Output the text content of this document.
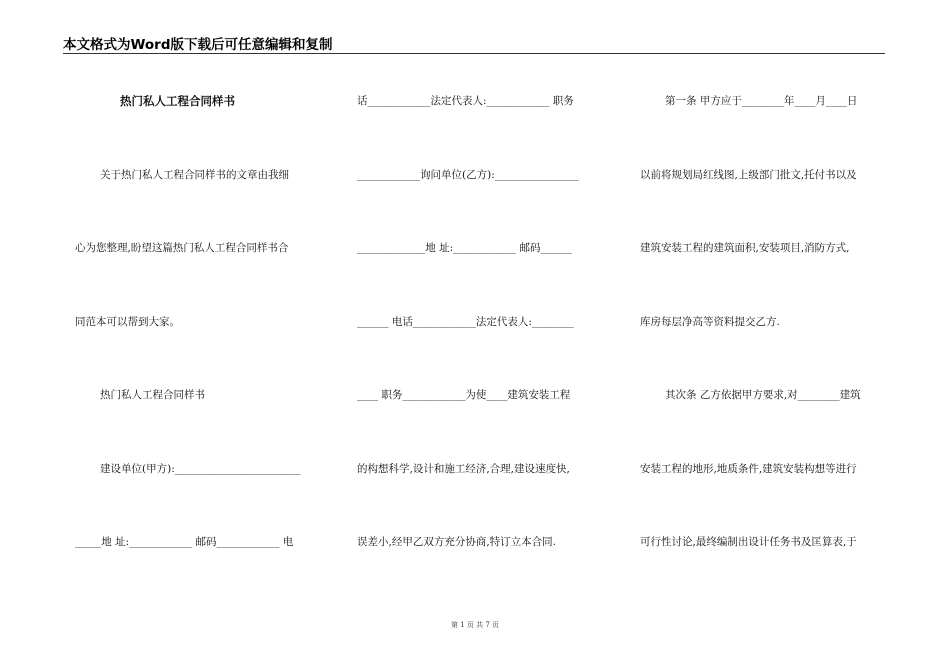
本文格式为Word版下载后可任意编辑和复制
热门私人工程合同样书
关于热门私人工程合同样书的文章由我细
心为您整理,盼望这篇热门私人工程合同样书合
同范本可以帮到大家。
热门私人工程合同样书
建设单位(甲方):________________________
_____地 址:____________ 邮码____________ 电
话____________法定代表人:____________ 职务
____________询问单位(乙方):________________
_____________地 址:____________ 邮码______
______ 电话____________法定代表人:________
____ 职务____________为使____建筑安装工程
的构想科学,设计和施工经济,合理,建设速度快,
误差小,经甲乙双方充分协商,特订立本合同.
第一条 甲方应于________年____月____日
以前将规划局红线图,上级部门批文,托付书以及
建筑安装工程的建筑面积,安装项目,消防方式,
库房每层净高等资料提交乙方.
其次条 乙方依据甲方要求,对________建筑
安装工程的地形,地质条件,建筑安装构想等进行
可行性讨论,最终编制出设计任务书及匡算表,于
第 1 页 共 7 页
